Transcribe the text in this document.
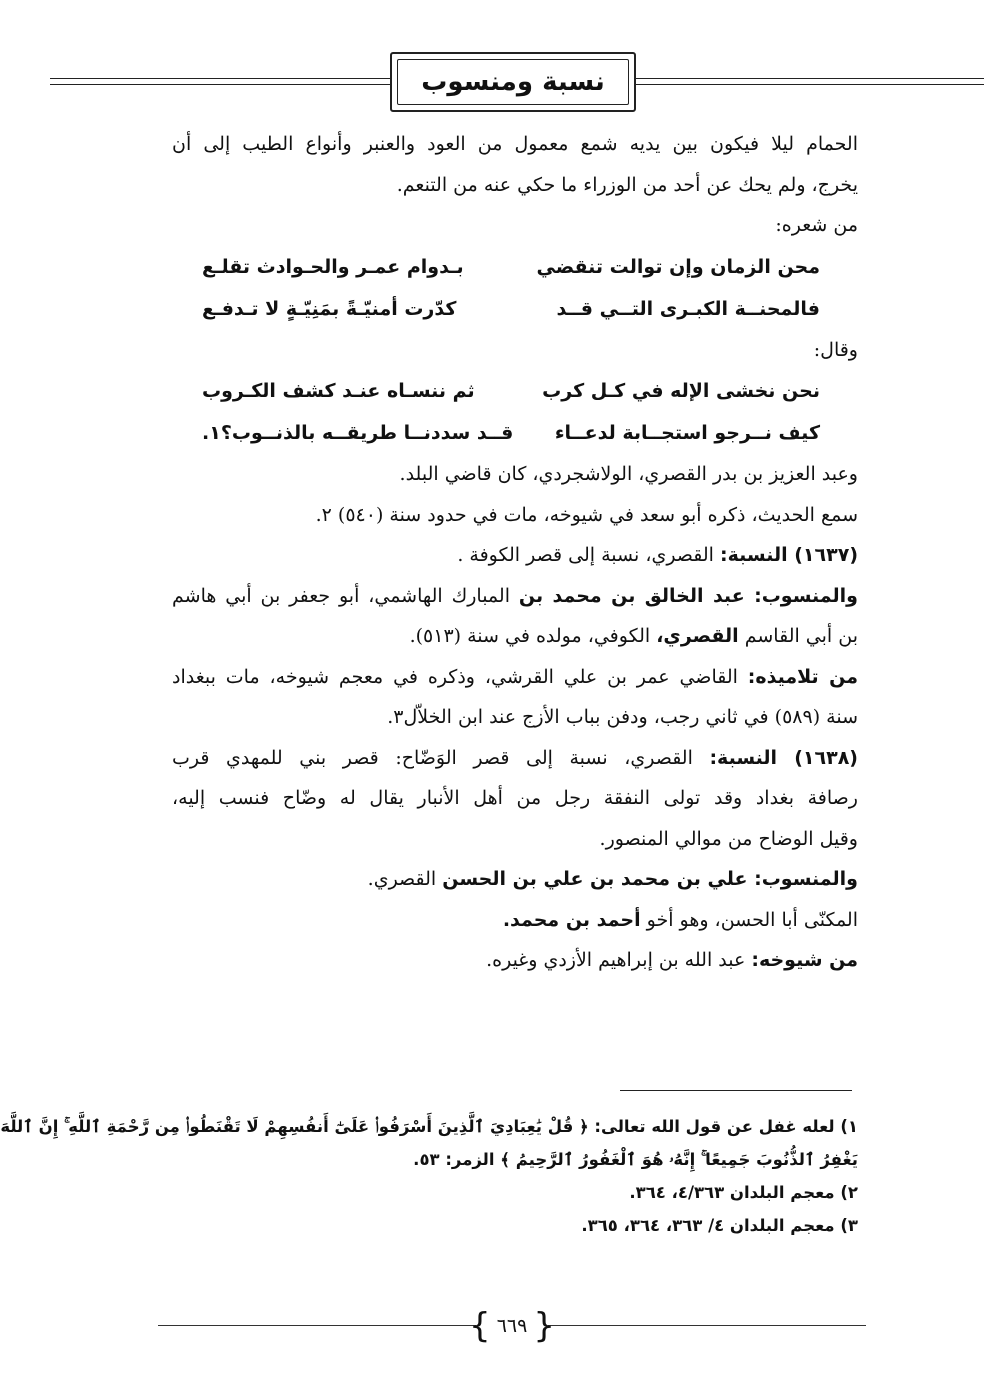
نسبة ومنسوب

الحمام ليلا فيكون بين يديه شمع معمول من العود والعنبر وأنواع الطيب إلى أن

يخرج، ولم يحك عن أحد من الوزراء ما حكي عنه من التنعم.

من شعره:

محن الزمان وإن توالت تنقضي
بـدوام عمـر والحـوادث تقلـع
فالمحنــة الكبـرى التــي قــد
كدّرت أمنيّـةً بمَنِيّـةٍ لا تـدفـع

وقال:

نحن نخشى الإله في كـل كرب
ثم ننسـاه عنـد كشف الكـروب
كيف نــرجو استجــابة لدعــاء
قــد سددنــا طريقــه بالذنــوب؟١.

وعبد العزيز بن بدر القصري، الولاشجردي، كان قاضي البلد.

سمع الحديث، ذكره أبو سعد في شيوخه، مات في حدود سنة (٥٤٠) ٢.

(١٦٣٧) النسبة: القصري، نسبة إلى قصر الكوفة .

والمنسوب: عبد الخالق بن محمد بن المبارك الهاشمي، أبو جعفر بن أبي هاشم

بن أبي القاسم القصري، الكوفي، مولده في سنة (٥١٣).

من تلاميذه: القاضي عمر بن علي القرشي، وذكره في معجم شيوخه، مات ببغداد

سنة (٥٨٩) في ثاني رجب، ودفن بباب الأزج عند ابن الخلاّل٣.

(١٦٣٨) النسبة: القصري، نسبة إلى قصر الوَضّاح: قصر بني للمهدي قرب

رصافة بغداد وقد تولى النفقة رجل من أهل الأنبار يقال له وضّاح فنسب إليه،

وقيل الوضاح من موالي المنصور.

والمنسوب: علي بن محمد بن علي بن الحسن القصري.

المكنّى أبا الحسن، وهو أخو أحمد بن محمد.

من شيوخه: عبد الله بن إبراهيم الأزدي وغيره.

١) لعله غفل عن قول الله تعالى: ﴿ قُلْ يَٰعِبَادِيَ ٱلَّذِينَ أَسْرَفُوا۟ عَلَىٰٓ أَنفُسِهِمْ لَا تَقْنَطُوا۟ مِن رَّحْمَةِ ٱللَّهِ ۚ إِنَّ ٱللَّهَ

يَغْفِرُ ٱلذُّنُوبَ جَمِيعًا ۚ إِنَّهُۥ هُوَ ٱلْغَفُورُ ٱلرَّحِيمُ ﴾ الزمر: ٥٣.

٢) معجم البلدان ٤/٣٦٣، ٣٦٤.

٣) معجم البلدان ٤/ ٣٦٣، ٣٦٤، ٣٦٥.

{
٦٦٩
}
